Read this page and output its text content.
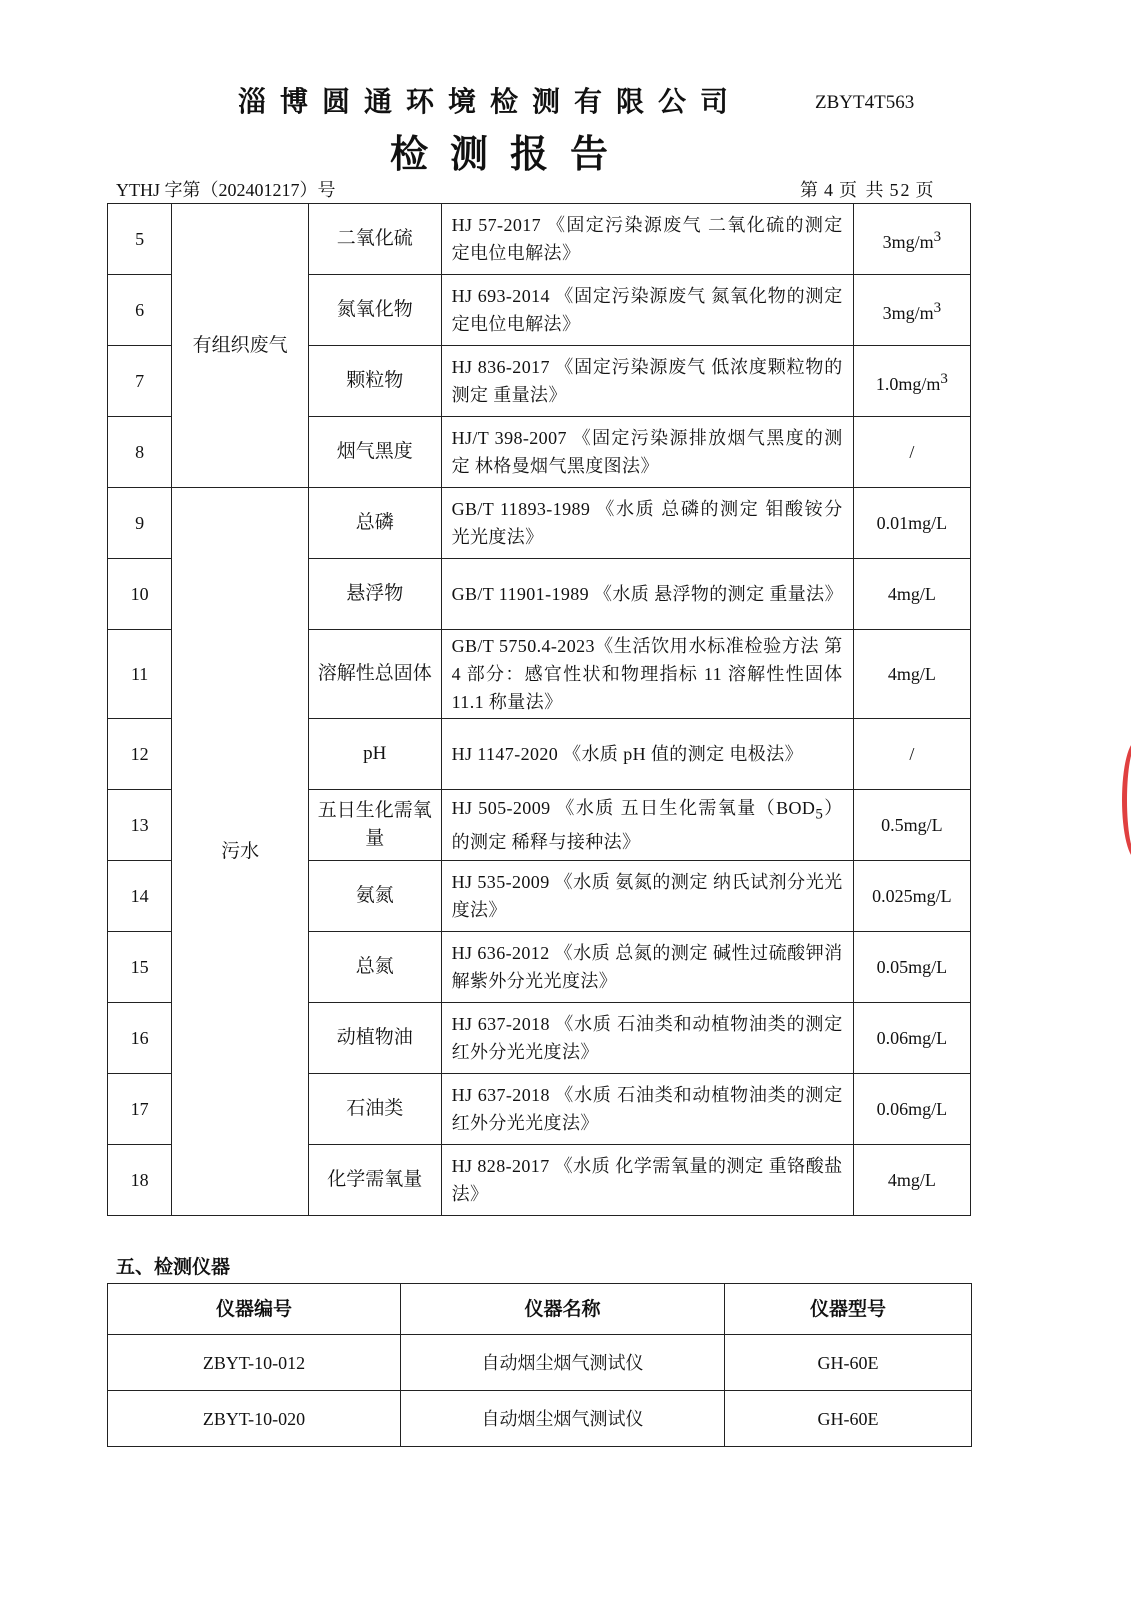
淄博圆通环境检测有限公司	ZBYT4T563
检测报告
YTHJ 字第（202401217）号	第 4 页 共 52 页
5	有组织废气	二氧化硫	HJ 57-2017 《固定污染源废气 二氧化硫的测定 定电位电解法》	$3mg/m^3$
6		氮氧化物	HJ 693-2014 《固定污染源废气 氮氧化物的测定 定电位电解法》	$3mg/m^3$
7		颗粒物	HJ 836-2017 《固定污染源废气 低浓度颗粒物的测定 重量法》	$1.0mg/m^3$
8		烟气黑度	HJ/T 398-2007 《固定污染源排放烟气黑度的测定 林格曼烟气黑度图法》	/
9	污水	总磷	GB/T 11893-1989 《水质 总磷的测定 钼酸铵分光光度法》	0.01mg/L
10		悬浮物	GB/T 11901-1989 《水质 悬浮物的测定 重量法》	4mg/L
11		溶解性总固体	GB/T 5750.4-2023《生活饮用水标准检验方法 第 4 部分：感官性状和物理指标 11 溶解性性固体 11.1 称量法》	4mg/L
12		pH	HJ 1147-2020 《水质 pH 值的测定 电极法》	/
13		五日生化需氧量	HJ 505-2009 《水质 五日生化需氧量$(BOD_5)$的测定 稀释与接种法》	0.5mg/L
14		氨氮	HJ 535-2009 《水质 氨氮的测定 纳氏试剂分光光度法》	0.025mg/L
15		总氮	HJ 636-2012 《水质 总氮的测定 碱性过硫酸钾消解紫外分光光度法》	0.05mg/L
16		动植物油	HJ 637-2018 《水质 石油类和动植物油类的测定 红外分光光度法》	0.06mg/L
17		石油类	HJ 637-2018 《水质 石油类和动植物油类的测定 红外分光光度法》	0.06mg/L
18		化学需氧量	HJ 828-2017 《水质 化学需氧量的测定 重铬酸盐法》	4mg/L
五、检测仪器
仪器编号	仪器名称	仪器型号
ZBYT-10-012	自动烟尘烟气测试仪	GH-60E
ZBYT-10-020	自动烟尘烟气测试仪	GH-60E
